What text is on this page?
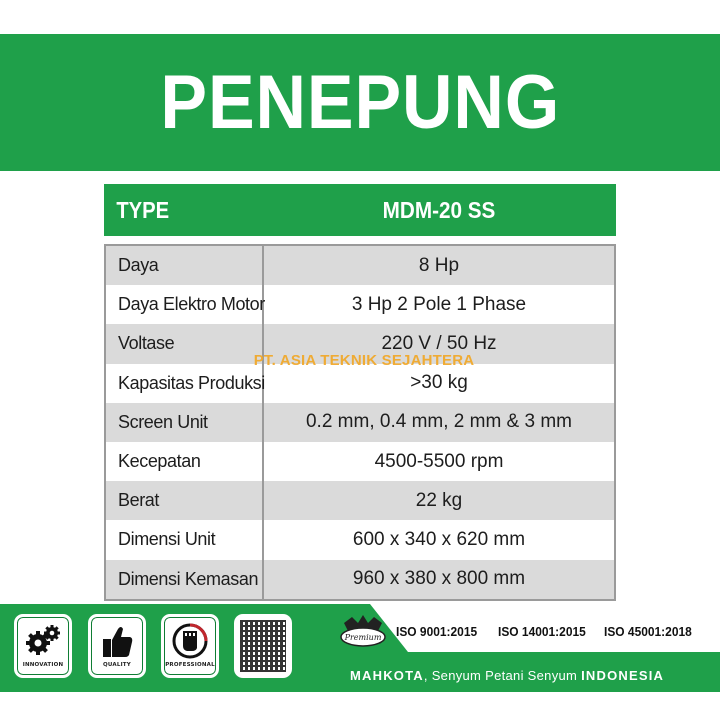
PENEPUNG
TYPE	MDM-20 SS
Daya	8 Hp
Daya Elektro Motor	3 Hp 2 Pole 1 Phase
Voltase	220 V / 50 Hz
Kapasitas Produksi	>30 kg
Screen Unit	0.2 mm, 0.4 mm, 2 mm & 3 mm
Kecepatan	4500-5500 rpm
Berat	22 kg
Dimensi Unit	600 x 340 x 620 mm
Dimensi Kemasan	960 x 380 x 800 mm
PT. ASIA TEKNIK SEJAHTERA
INNOVATION	QUALITY	PROFESSIONAL
Premium ISO 9001:2015 ISO 14001:2015 ISO 45001:2018
MAHKOTA, Senyum Petani Senyum INDONESIA
